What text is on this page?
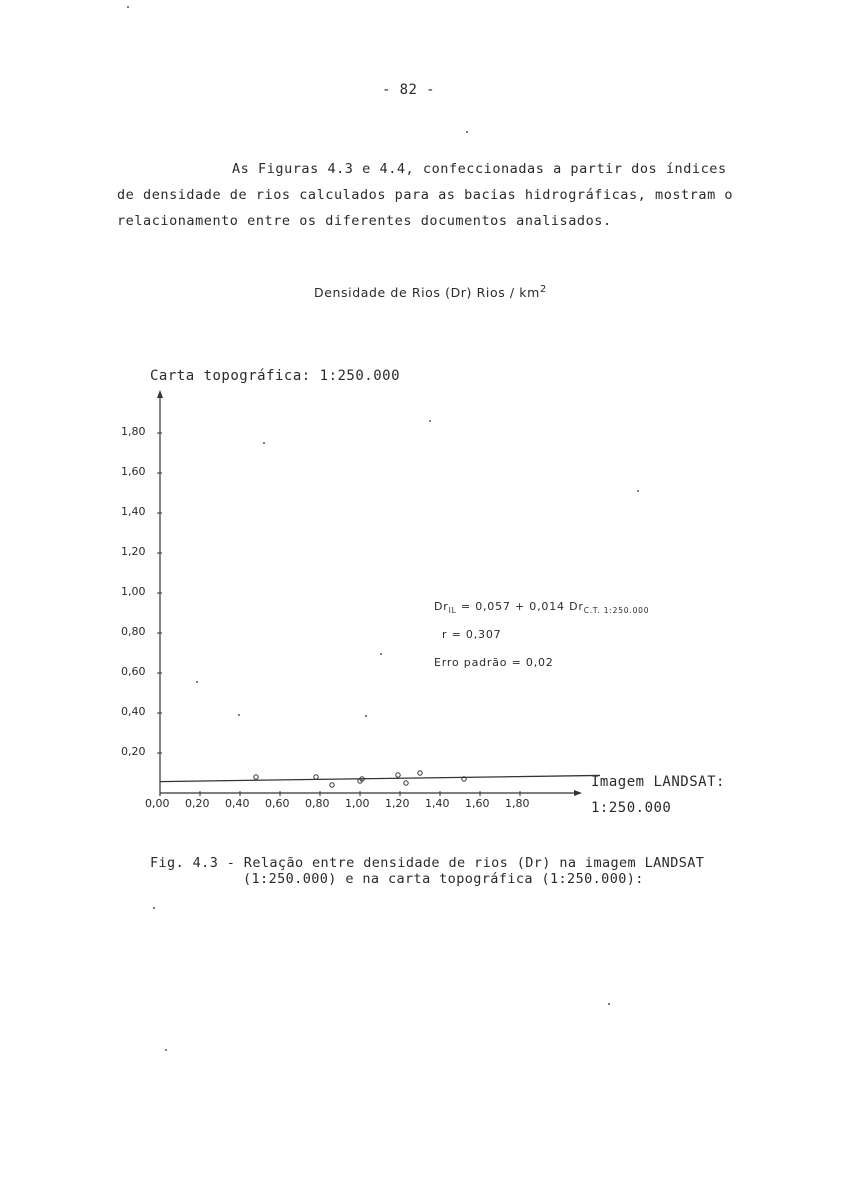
- 82 -
As Figuras 4.3 e 4.4, confeccionadas a partir dos índices
de densidade de rios calculados para as bacias hidrográficas, mostram o
relacionamento entre os diferentes documentos analisados.
Densidade de Rios (Dr) Rios / $km^2$
Carta topográfica: 1:250.000
Imagem LANDSAT:
1:250.000
1,80
1,60
1,40
1,20
1,00
0,80
0,60
0,40
0,20
0,00 0,20 0,40 0,60 0,80 1,00 1,20 1,40 1,60 1,80
$Dr_{IL} = 0,057 + 0,014$ $Dr_{C.T. 1:250.000}$
r = 0,307
Erro padrão = 0,02
Fig. 4.3 - Relação entre densidade de rios (Dr) na imagem LANDSAT
(1:250.000) e na carta topográfica (1:250.000):
